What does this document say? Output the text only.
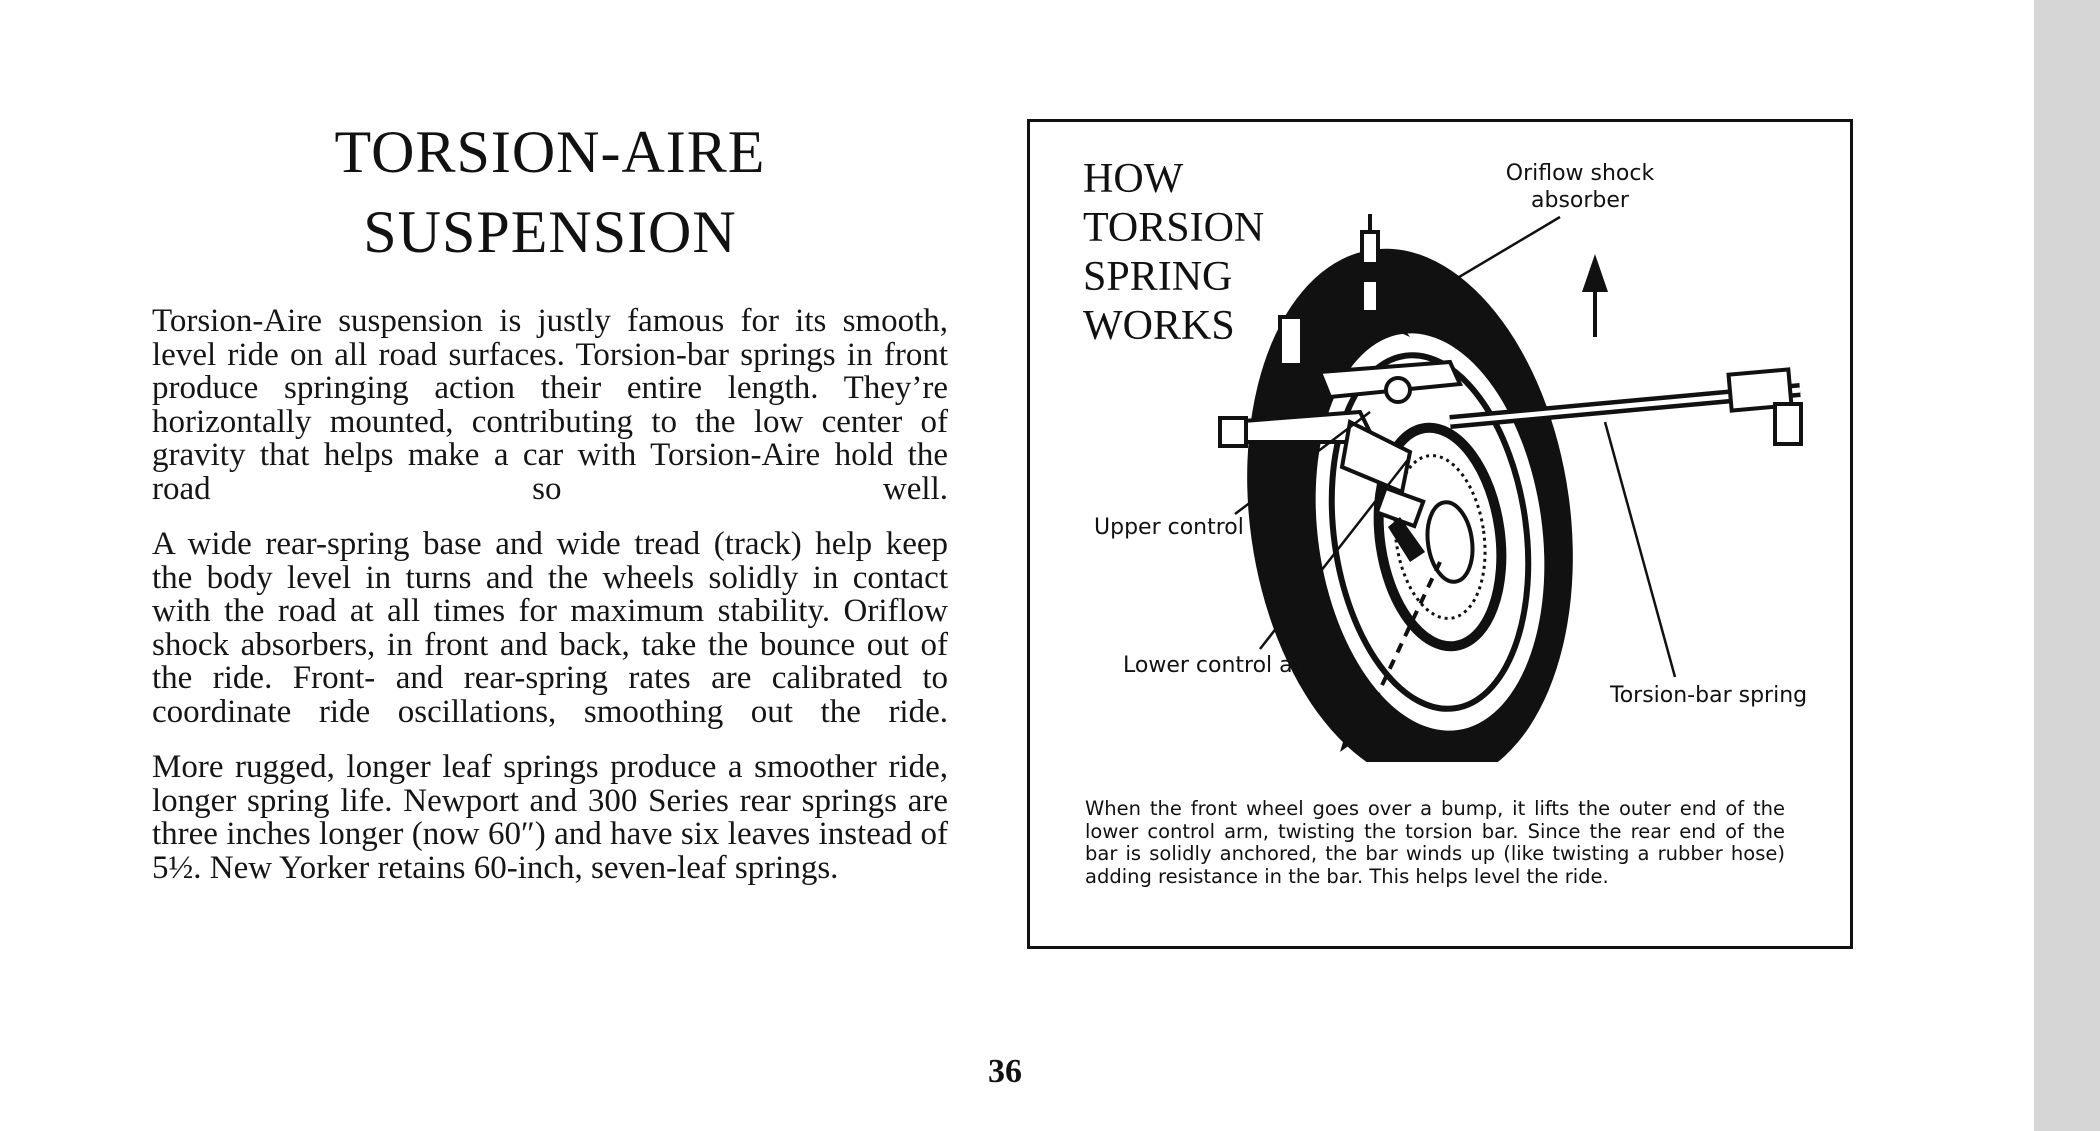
TORSION-AIRE
SUSPENSION

Torsion-Aire suspension is justly famous for its smooth, level ride on all road surfaces. Torsion-bar springs in front produce springing action their entire length. They’re horizontally mounted, contributing to the low center of gravity that helps make a car with Torsion-Aire hold the road so well.

A wide rear-spring base and wide tread (track) help keep the body level in turns and the wheels solidly in contact with the road at all times for maximum stability. Oriflow shock absorbers, in front and back, take the bounce out of the ride. Front- and rear-spring rates are calibrated to coordinate ride oscillations, smoothing out the ride.

More rugged, longer leaf springs produce a smoother ride, longer spring life. Newport and 300 Series rear springs are three inches longer (now 60″) and have six leaves instead of 5½. New Yorker retains 60-inch, seven-leaf springs.

HOW
TORSION
SPRING
WORKS
Oriflow shock
absorber
Upper control arm
Lower control arm
Torsion-bar spring
When the front wheel goes over a bump, it lifts the outer end of the lower control arm, twisting the torsion bar. Since the rear end of the bar is solidly anchored, the bar winds up (like twisting a rubber hose) adding resistance in the bar. This helps level the ride.
36
